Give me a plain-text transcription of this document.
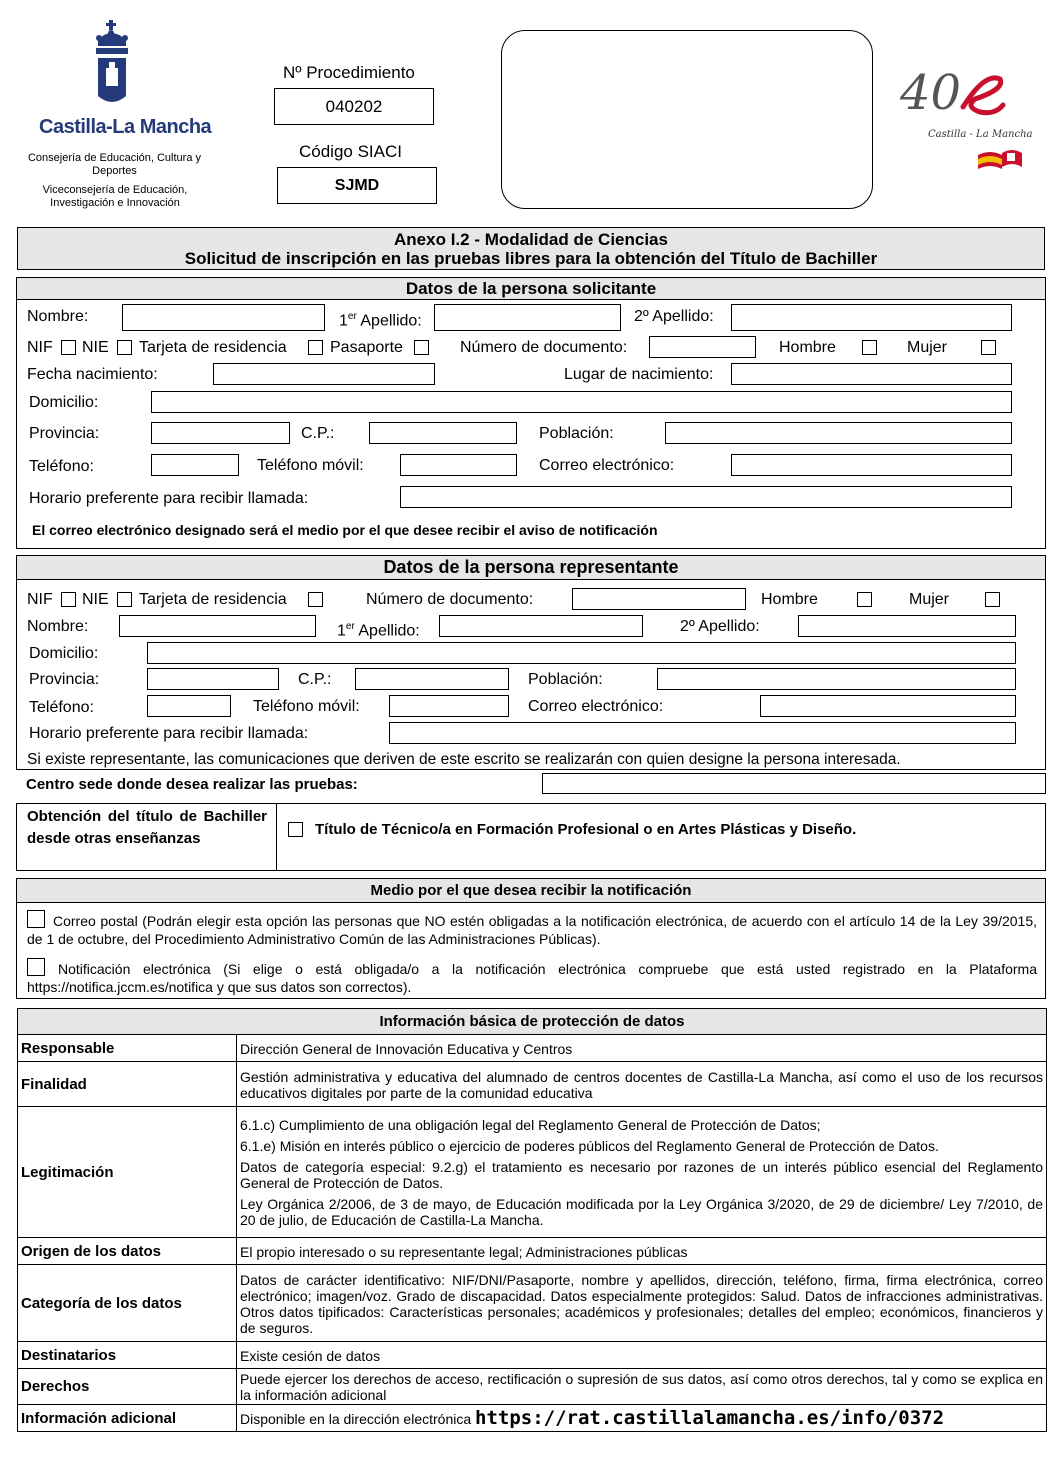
Castilla-La Mancha
Consejería de Educación, Cultura y Deportes
Viceconsejería de Educación, Investigación e Innovación
Nº Procedimiento
040202
Código SIACI
SJMD
40
Castilla - La Mancha
Anexo I.2 - Modalidad de Ciencias
Solicitud de inscripción en las pruebas libres para la obtención del Título de Bachiller
Datos de la persona solicitante
Nombre:	1er Apellido:	2º Apellido:
NIF NIE Tarjeta de residencia	Pasaporte	Número de documento:	Hombre	Mujer
Fecha nacimiento:	Lugar de nacimiento:
Domicilio:
Provincia:	C.P.:	Población:
Teléfono:	Teléfono móvil:	Correo electrónico:
Horario preferente para recibir llamada:
El correo electrónico designado será el medio por el que desee recibir el aviso de notificación
Datos de la persona representante
NIF NIE Tarjeta de residencia	Número de documento:	Hombre	Mujer
Nombre:	1er Apellido:	2º Apellido:
Domicilio:
Provincia:	C.P.:	Población:
Teléfono:	Teléfono móvil:	Correo electrónico:
Horario preferente para recibir llamada:
Si existe representante, las comunicaciones que deriven de este escrito se realizarán con quien designe la persona interesada.
Centro sede donde desea realizar las pruebas:
Obtención del título de Bachiller desde otras enseñanzas
Título de Técnico/a en Formación Profesional o en Artes Plásticas y Diseño.
Medio por el que desea recibir la notificación
Correo postal (Podrán elegir esta opción las personas que NO estén obligadas a la notificación electrónica, de acuerdo con el artículo 14 de la Ley 39/2015, de 1 de octubre, del Procedimiento Administrativo Común de las Administraciones Públicas).
Notificación electrónica (Si elige o está obligada/o a la notificación electrónica compruebe que está usted registrado en la Plataforma https://notifica.jccm.es/notifica y que sus datos son correctos).
Información básica de protección de datos	
Responsable	Dirección General de Innovación Educativa y Centros

Finalidad	Gestión administrativa y educativa del alumnado de centros docentes de Castilla-La Mancha, así como el uso de los recursos educativos digitales por parte de la comunidad educativa

Legitimación	6.1.c) Cumplimiento de una obligación legal del Reglamento General de Protección de Datos;

6.1.e) Misión en interés público o ejercicio de poderes públicos del Reglamento General de Protección de Datos.

Datos de categoría especial: 9.2.g) el tratamiento es necesario por razones de un interés público esencial del Reglamento General de Protección de Datos.

Ley Orgánica 2/2006, de 3 de mayo, de Educación modificada por la Ley Orgánica 3/2020, de 29 de diciembre/ Ley 7/2010, de 20 de julio, de Educación de Castilla-La Mancha.

Origen de los datos	El propio interesado o su representante legal; Administraciones públicas

Categoría de los datos	Datos de carácter identificativo: NIF/DNI/Pasaporte, nombre y apellidos, dirección, teléfono, firma, firma electrónica, correo electrónico; imagen/voz. Grado de discapacidad. Datos especialmente protegidos: Salud. Datos de infracciones administrativas. Otros datos tipificados: Características personales; académicos y profesionales; detalles del empleo; económicos, financieros y de seguros.

Destinatarios	Existe cesión de datos

Derechos	Puede ejercer los derechos de acceso, rectificación o supresión de sus datos, así como otros derechos, tal y como se explica en la información adicional

Información adicional	Disponible en la dirección electrónica https://rat.castillalamancha.es/info/0372
